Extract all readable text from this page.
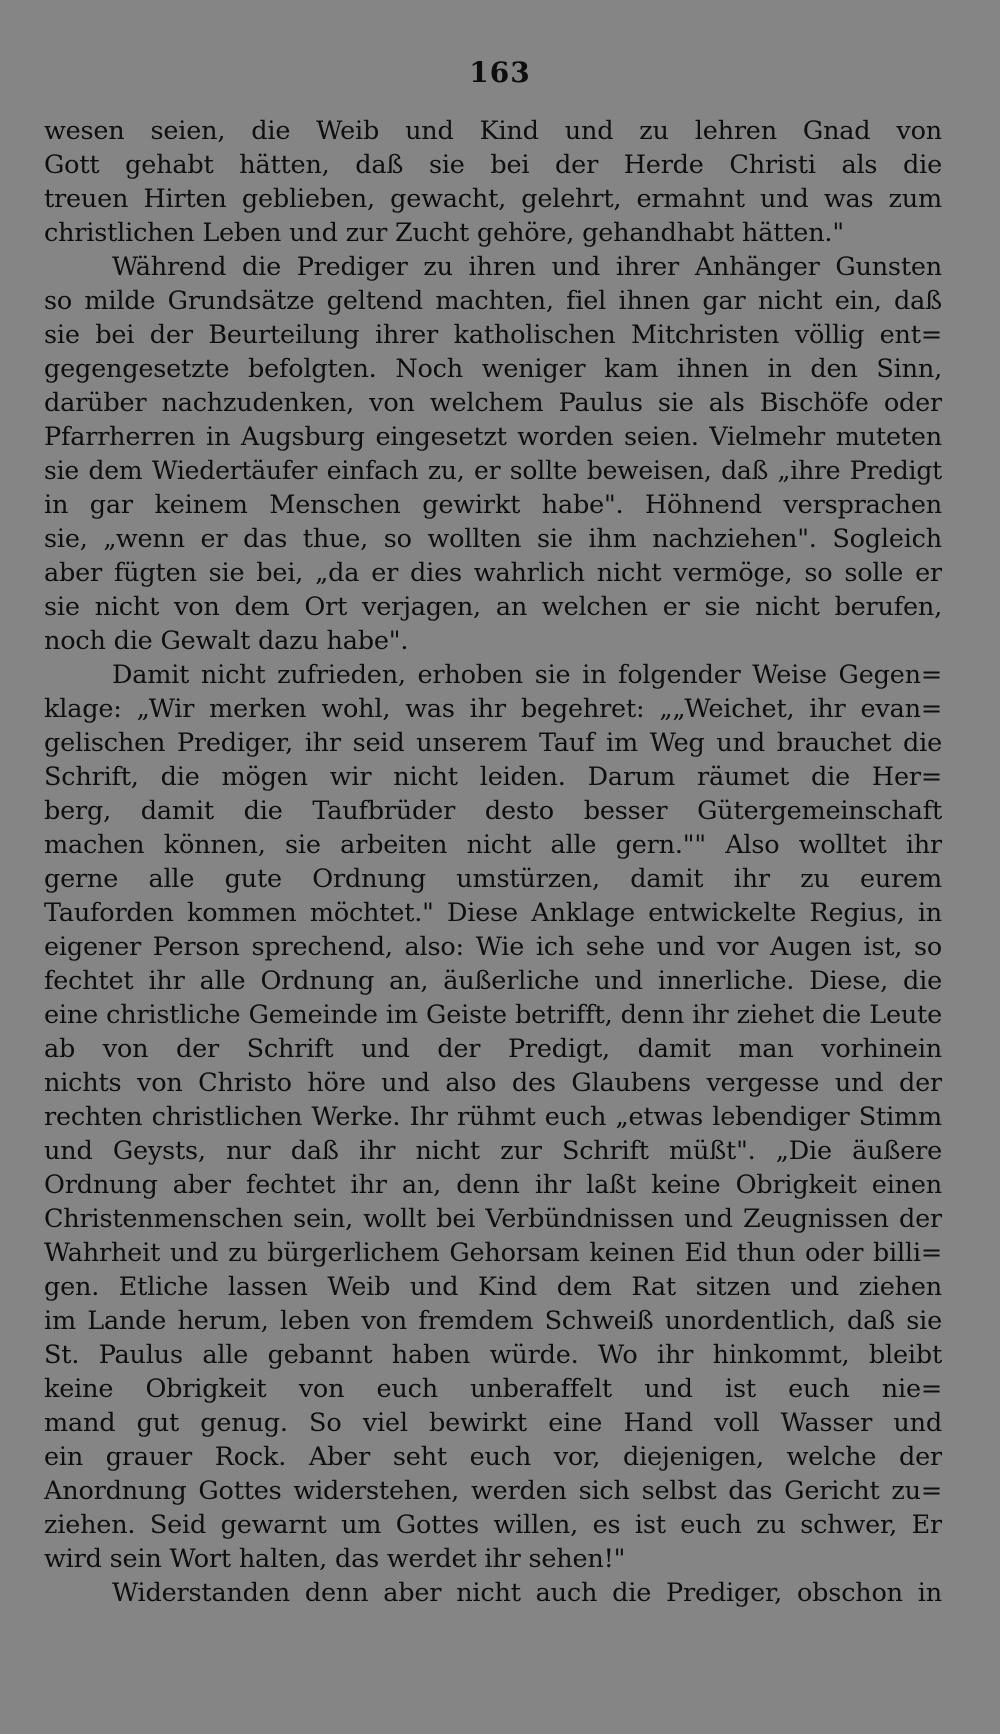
163
wesen seien, die Weib und Kind und zu lehren Gnad von
Gott gehabt hätten, daß sie bei der Herde Christi als die
treuen Hirten geblieben, gewacht, gelehrt, ermahnt und was zum
christlichen Leben und zur Zucht gehöre, gehandhabt hätten."
Während die Prediger zu ihren und ihrer Anhänger Gunsten
so milde Grundsätze geltend machten, fiel ihnen gar nicht ein, daß
sie bei der Beurteilung ihrer katholischen Mitchristen völlig ent=
gegengesetzte befolgten. Noch weniger kam ihnen in den Sinn,
darüber nachzudenken, von welchem Paulus sie als Bischöfe oder
Pfarrherren in Augsburg eingesetzt worden seien. Vielmehr muteten
sie dem Wiedertäufer einfach zu, er sollte beweisen, daß „ihre Predigt
in gar keinem Menschen gewirkt habe". Höhnend versprachen
sie, „wenn er das thue, so wollten sie ihm nachziehen". Sogleich
aber fügten sie bei, „da er dies wahrlich nicht vermöge, so solle er
sie nicht von dem Ort verjagen, an welchen er sie nicht berufen,
noch die Gewalt dazu habe".
Damit nicht zufrieden, erhoben sie in folgender Weise Gegen=
klage: „Wir merken wohl, was ihr begehret: „„Weichet, ihr evan=
gelischen Prediger, ihr seid unserem Tauf im Weg und brauchet die
Schrift, die mögen wir nicht leiden. Darum räumet die Her=
berg, damit die Taufbrüder desto besser Gütergemeinschaft
machen können, sie arbeiten nicht alle gern."" Also wolltet ihr
gerne alle gute Ordnung umstürzen, damit ihr zu eurem
Tauforden kommen möchtet." Diese Anklage entwickelte Regius, in
eigener Person sprechend, also: Wie ich sehe und vor Augen ist, so
fechtet ihr alle Ordnung an, äußerliche und innerliche. Diese, die
eine christliche Gemeinde im Geiste betrifft, denn ihr ziehet die Leute
ab von der Schrift und der Predigt, damit man vorhinein
nichts von Christo höre und also des Glaubens vergesse und der
rechten christlichen Werke. Ihr rühmt euch „etwas lebendiger Stimm
und Geysts, nur daß ihr nicht zur Schrift müßt". „Die äußere
Ordnung aber fechtet ihr an, denn ihr laßt keine Obrigkeit einen
Christenmenschen sein, wollt bei Verbündnissen und Zeugnissen der
Wahrheit und zu bürgerlichem Gehorsam keinen Eid thun oder billi=
gen. Etliche lassen Weib und Kind dem Rat sitzen und ziehen
im Lande herum, leben von fremdem Schweiß unordentlich, daß sie
St. Paulus alle gebannt haben würde. Wo ihr hinkommt, bleibt
keine Obrigkeit von euch unberaffelt und ist euch nie=
mand gut genug. So viel bewirkt eine Hand voll Wasser und
ein grauer Rock. Aber seht euch vor, diejenigen, welche der
Anordnung Gottes widerstehen, werden sich selbst das Gericht zu=
ziehen. Seid gewarnt um Gottes willen, es ist euch zu schwer, Er
wird sein Wort halten, das werdet ihr sehen!"
Widerstanden denn aber nicht auch die Prediger, obschon in
